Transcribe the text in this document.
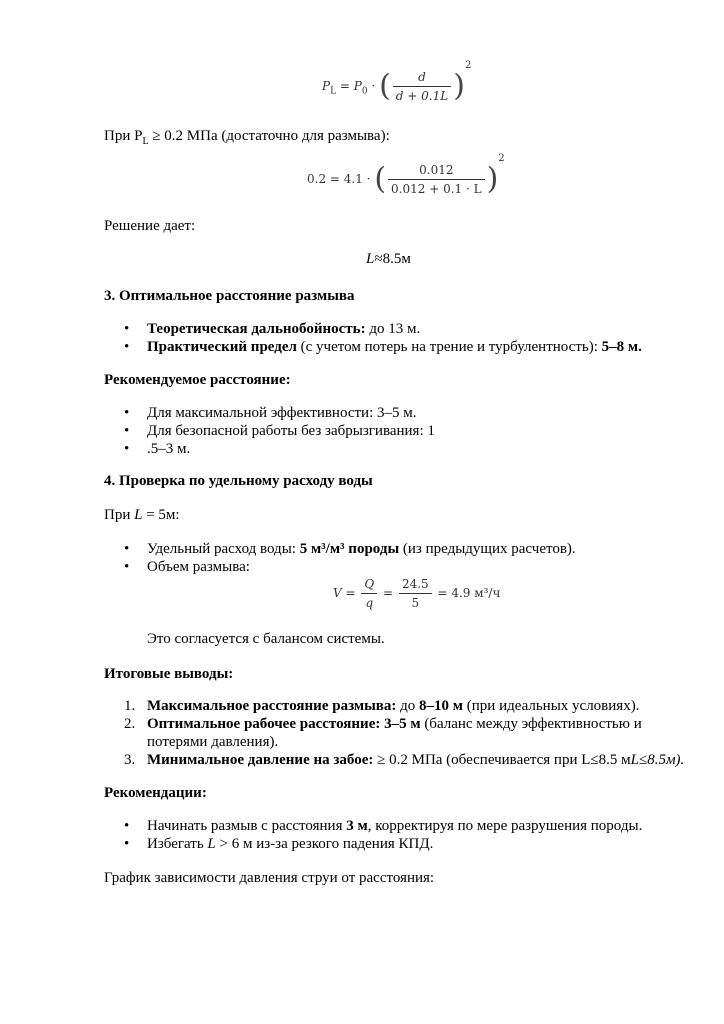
$P_L = P_0$ · ( $\frac{d}{d + 0.1L} )^2$
При $P_L \ge 0.2$ МПа (достаточно для размыва):
0.2 = 4.1 · ( $\frac{0.012}{0.012 + 0.1 \cdot L} )^2$
Решение дает:
L≈8.5м
3. Оптимальное расстояние размыва
• Теоретическая дальнобойность: до 13 м.
• Практический предел (с учетом потерь на трение и турбулентность): 5–8 м.
Рекомендуемое расстояние:
• Для максимальной эффективности: 3–5 м.
• Для безопасной работы без забрызгивания: 1
• .5–3 м.
4. Проверка по удельному расходу воды
При L = 5м:
• Удельный расход воды: 5 м³/м³ породы (из предыдущих расчетов).
• Объем размыва:
$V = \frac{Q}{q} = \frac{24.5}{5} = 4.9$ м³/ч
Это согласуется с балансом системы.
Итоговые выводы:
1. Максимальное расстояние размыва: до 8–10 м (при идеальных условиях).
2. Оптимальное рабочее расстояние: 3–5 м (баланс между эффективностью и
потерями давления).
3. Минимальное давление на забое: ≥ 0.2 МПа (обеспечивается при L≤8.5 мL≤8.5м).
Рекомендации:
• Начинать размыв с расстояния 3 м, корректируя по мере разрушения породы.
• Избегать L > 6 м из-за резкого падения КПД.
График зависимости давления струи от расстояния:
